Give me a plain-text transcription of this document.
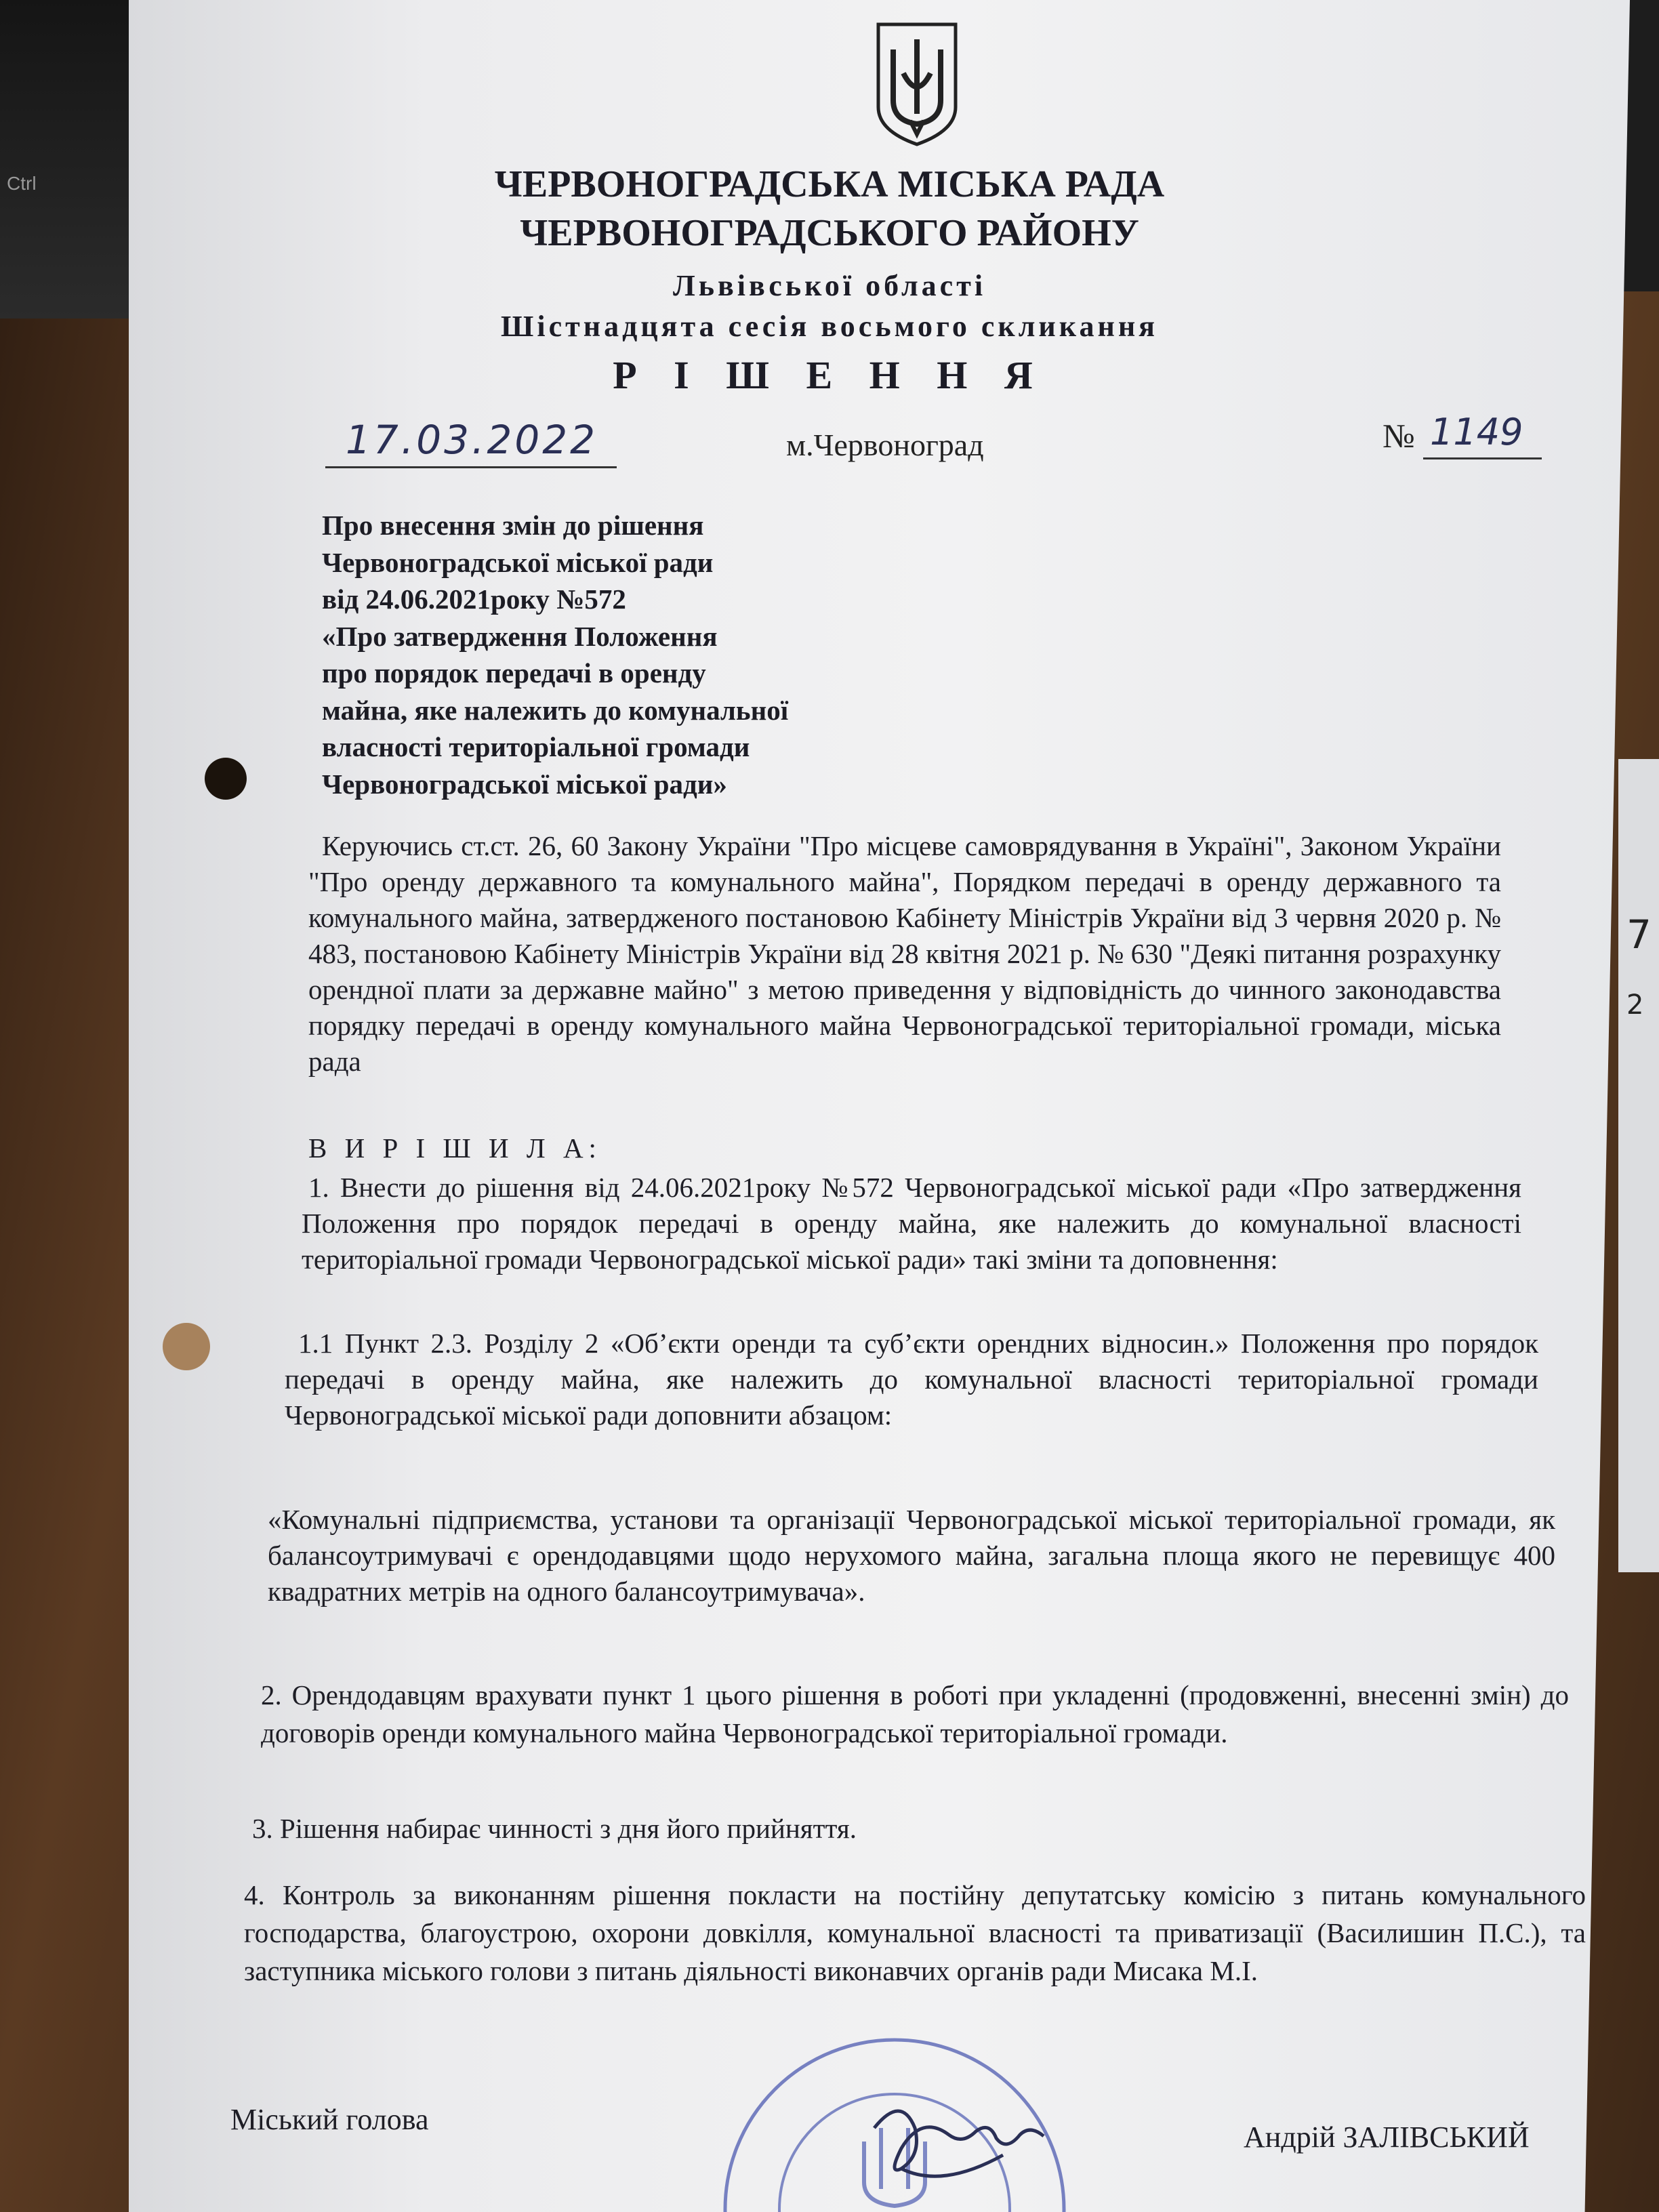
Ctrl	ЧЕРВОНОГРАДСЬКА МІСЬКА РАДА
ЧЕРВОНОГРАДСЬКОГО РАЙОНУ
Львівської області
Шістнадцята сесія восьмого скликання
Р І Ш Е Н Н Я
17.03.2022	м.Червоноград	№ 1149
Про внесення змін до рішення
Червоноградської міської ради
від 24.06.2021року №572
«Про затвердження Положення
про порядок передачі в оренду
майна, яке належить до комунальної
власності територіальної громади
Червоноградської міської ради»

Керуючись ст.ст. 26, 60 Закону України "Про місцеве самоврядування в Україні", Законом України "Про оренду державного та комунального майна", Порядком передачі в оренду державного та комунального майна, затвердженого постановою Кабінету Міністрів України від 3 червня 2020 р. № 483, постановою Кабінету Міністрів України від 28 квітня 2021 р. № 630 "Деякі питання розрахунку орендної плати за державне майно" з метою приведення у відповідність до чинного законодавства порядку передачі в оренду комунального майна Червоноградської територіальної громади, міська рада

В И Р І Ш И Л А:

1. Внести до рішення від 24.06.2021року №572 Червоноградської міської ради «Про затвердження Положення про порядок передачі в оренду майна, яке належить до комунальної власності територіальної громади Червоноградської міської ради» такі зміни та доповнення:

1.1 Пункт 2.3. Розділу 2 «Об’єкти оренди та суб’єкти орендних відносин.» Положення про порядок передачі в оренду майна, яке належить до комунальної власності територіальної громади Червоноградської міської ради доповнити абзацом:

«Комунальні підприємства, установи та організації Червоноградської міської територіальної громади, як балансоутримувачі є орендодавцями щодо нерухомого майна, загальна площа якого не перевищує 400 квадратних метрів на одного балансоутримувача».

2. Орендодавцям врахувати пункт 1 цього рішення в роботі при укладенні (продовженні, внесенні змін) до договорів оренди комунального майна Червоноградської територіальної громади.

3. Рішення набирає чинності з дня його прийняття.

4. Контроль за виконанням рішення покласти на постійну депутатську комісію з питань комунального господарства, благоустрою, охорони довкілля, комунальної власності та приватизації (Василишин П.С.), та заступника міського голови з питань діяльності виконавчих органів ради Мисака М.І.

Міський голова
Андрій ЗАЛІВСЬКИЙ
7
2
